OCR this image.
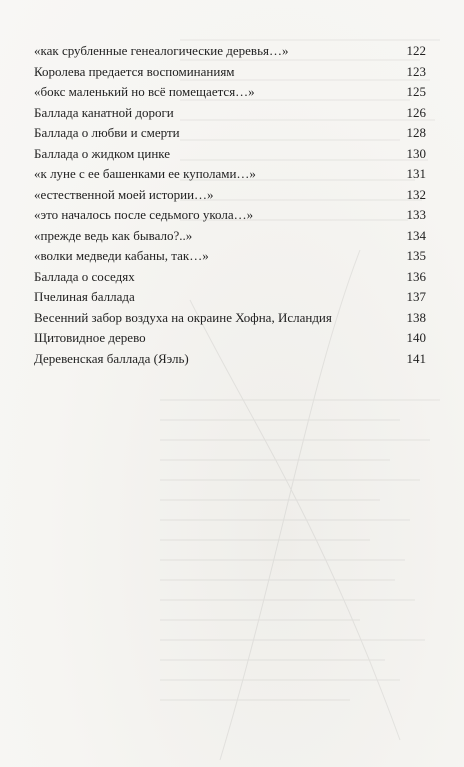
«как срубленные генеалогические деревья…»	122
Королева предается воспоминаниям	123
«бокс маленький но всё помещается…»	125
Баллада канатной дороги	126
Баллада о любви и смерти	128
Баллада о жидком цинке	130
«к луне с ее башенками ее куполами…»	131
«естественной моей истории…»	132
«это началось после седьмого укола…»	133
«прежде ведь как бывало?..»	134
«волки медведи кабаны, так…»	135
Баллада о соседях	136
Пчелиная баллада	137
Весенний забор воздуха на окраине Хофна, Исландия	138
Щитовидное дерево	140
Деревенская баллада (Яэль)	141
